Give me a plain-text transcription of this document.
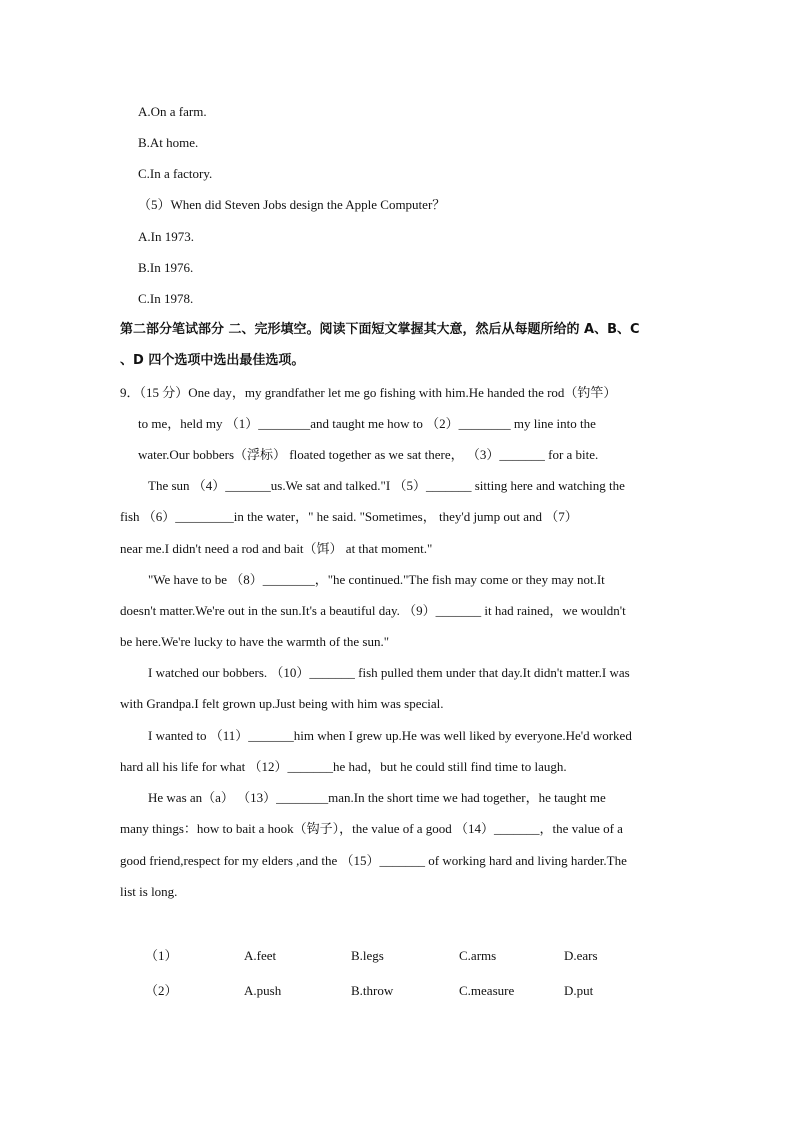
A.On a farm.
B.At home.
C.In a factory.
（5）When did Steven Jobs design the Apple Computer？
A.In 1973.
B.In 1976.
C.In 1978.
第二部分笔试部分 二、完形填空。阅读下面短文掌握其大意，然后从每题所给的 A、B、C
、D 四个选项中选出最佳选项。
9．（15 分）One day，my grandfather let me go fishing with him.He handed the rod（钓竿）
to me，held my （1）________and taught me how to （2）________ my line into the
water.Our bobbers（浮标） floated together as we sat there， （3）_______ for a bite.
The sun （4）_______us.We sat and talked."I （5）_______ sitting here and watching the
fish （6）_________in the water，" he said. "Sometimes， they'd jump out and （7）
near me.I didn't need a rod and bait（饵） at that moment."
"We have to be （8）________，"he continued."The fish may come or they may not.It
doesn't matter.We're out in the sun.It's a beautiful day. （9）_______ it had rained，we wouldn't
be here.We're lucky to have the warmth of the sun."
I watched our bobbers. （10）_______ fish pulled them under that day.It didn't matter.I was
with Grandpa.I felt grown up.Just being with him was special.
I wanted to （11）_______him when I grew up.He was well liked by everyone.He'd worked
hard all his life for what （12）_______he had，but he could still find time to laugh.
He was an（a） （13）________man.In the short time we had together，he taught me
many things：how to bait a hook（钩子），the value of a good （14）_______，the value of a
good friend,respect for my elders ,and the （15）_______ of working hard and living harder.The
list is long.
（1）	A.feet	B.legs	C.arms	D.ears
（2）	A.push	B.throw	C.measure	D.put
